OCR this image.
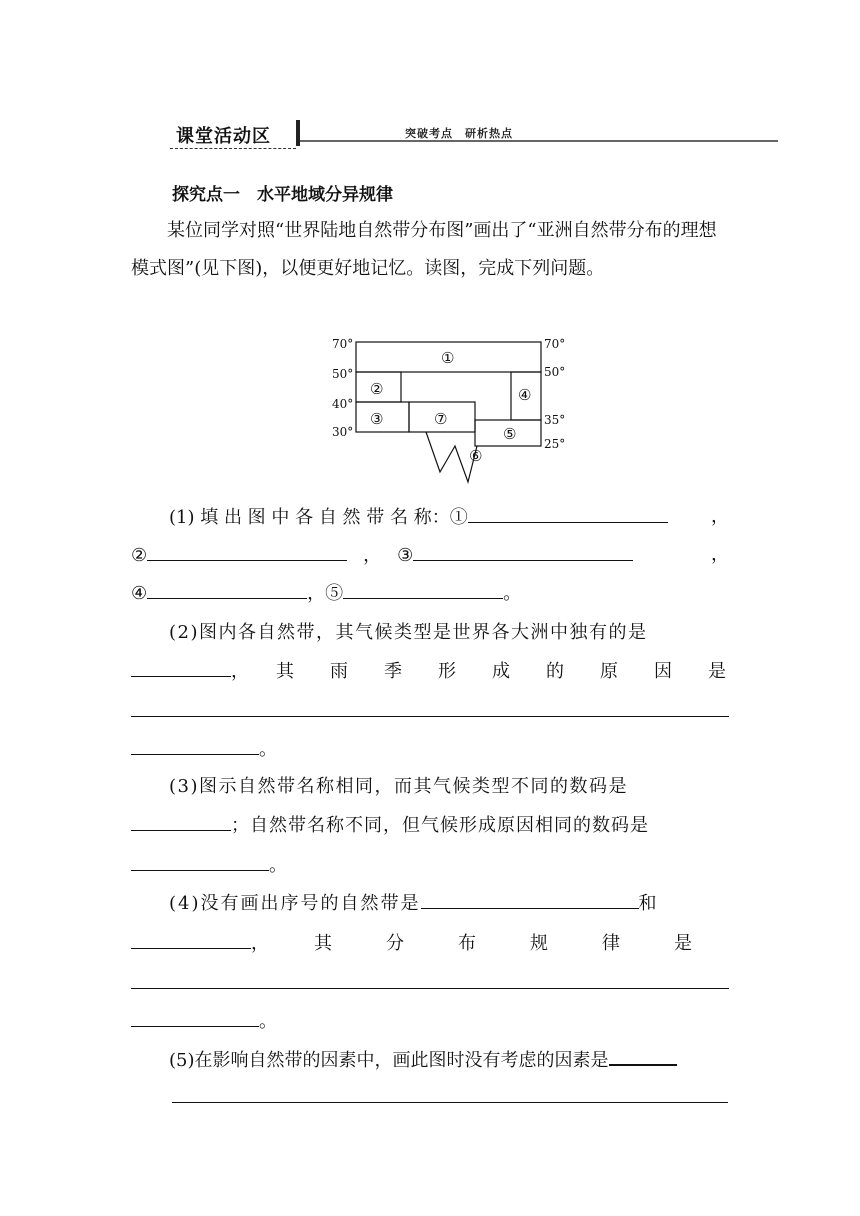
课堂活动区	突破考点　研析热点
探究点一　水平地域分异规律
某位同学对照“世界陆地自然带分布图”画出了“亚洲自然带分布的理想模式图”(见下图)，以便更好地记忆。读图，完成下列问题。
70°
50°
40°
30°
70°
50°
35°
25°
①
②
③
④
⑤
⑥
⑦
(1) 填 出 图 中 各 自 然 带 名 称：①	，
②	， ③	，
④	，⑤	。
(2)图内各自然带，其气候类型是世界各大洲中独有的是
，　　其　　雨　　季　　形　　成　　的　　原　　因　　是
。
(3)图示自然带名称相同，而其气候类型不同的数码是
；自然带名称不同，但气候形成原因相同的数码是
。
(4)没有画出序号的自然带是	和
，　　　其　　　分　　　布　　　规　　　律　　　是
。
(5)在影响自然带的因素中，画此图时没有考虑的因素是
